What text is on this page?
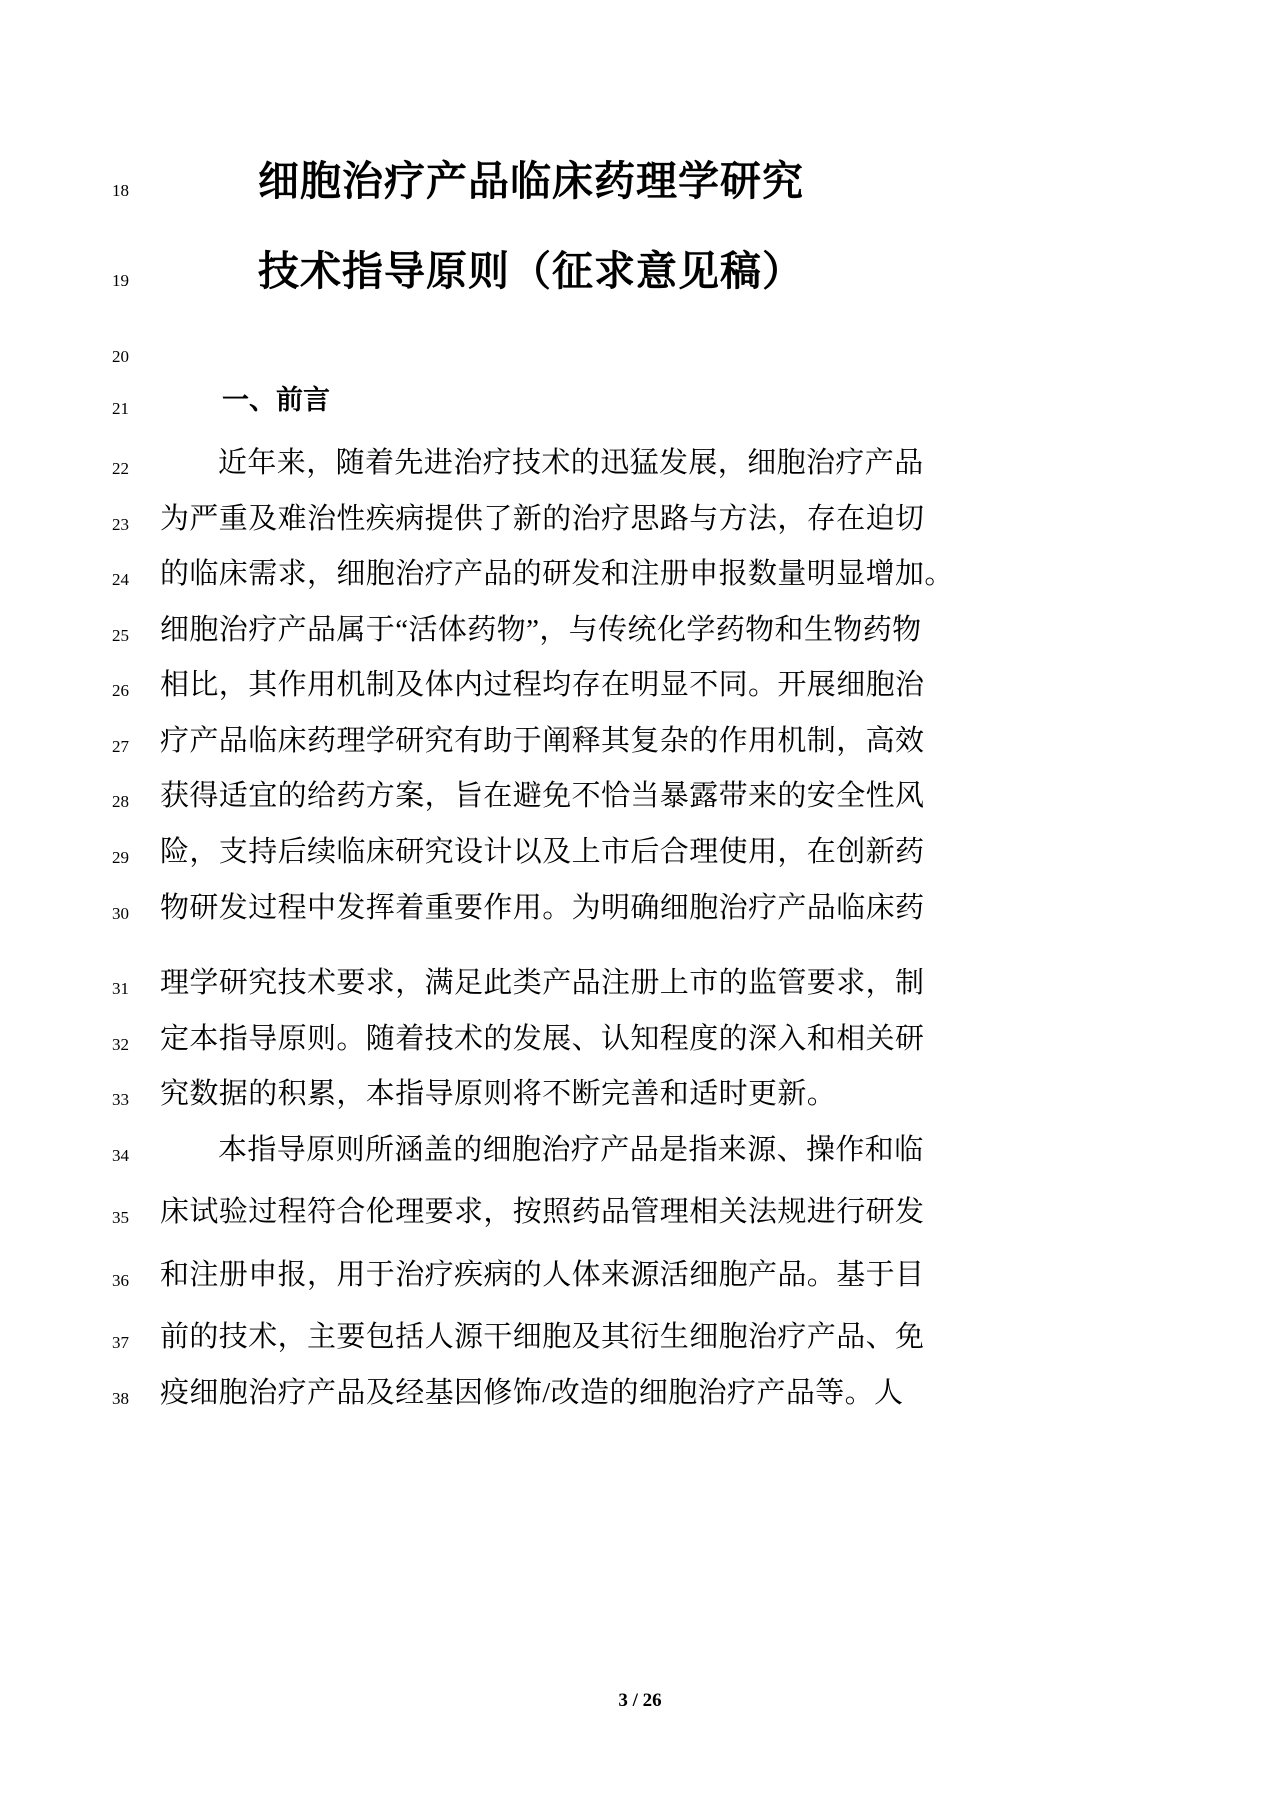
18
19
20
21
22
23
24
25
26
27
28
29
30
31
32
33
34
35
36
37
38
细胞治疗产品临床药理学研究
技术指导原则（征求意见稿）
一、前言
近年来，随着先进治疗技术的迅猛发展，细胞治疗产品
为严重及难治性疾病提供了新的治疗思路与方法，存在迫切
的临床需求，细胞治疗产品的研发和注册申报数量明显增加。
细胞治疗产品属于“活体药物”，与传统化学药物和生物药物
相比，其作用机制及体内过程均存在明显不同。开展细胞治
疗产品临床药理学研究有助于阐释其复杂的作用机制，高效
获得适宜的给药方案，旨在避免不恰当暴露带来的安全性风
险，支持后续临床研究设计以及上市后合理使用，在创新药
物研发过程中发挥着重要作用。为明确细胞治疗产品临床药
理学研究技术要求，满足此类产品注册上市的监管要求，制
定本指导原则。随着技术的发展、认知程度的深入和相关研
究数据的积累，本指导原则将不断完善和适时更新。
本指导原则所涵盖的细胞治疗产品是指来源、操作和临
床试验过程符合伦理要求，按照药品管理相关法规进行研发
和注册申报，用于治疗疾病的人体来源活细胞产品。基于目
前的技术，主要包括人源干细胞及其衍生细胞治疗产品、免
疫细胞治疗产品及经基因修饰/改造的细胞治疗产品等。人
3 / 26
